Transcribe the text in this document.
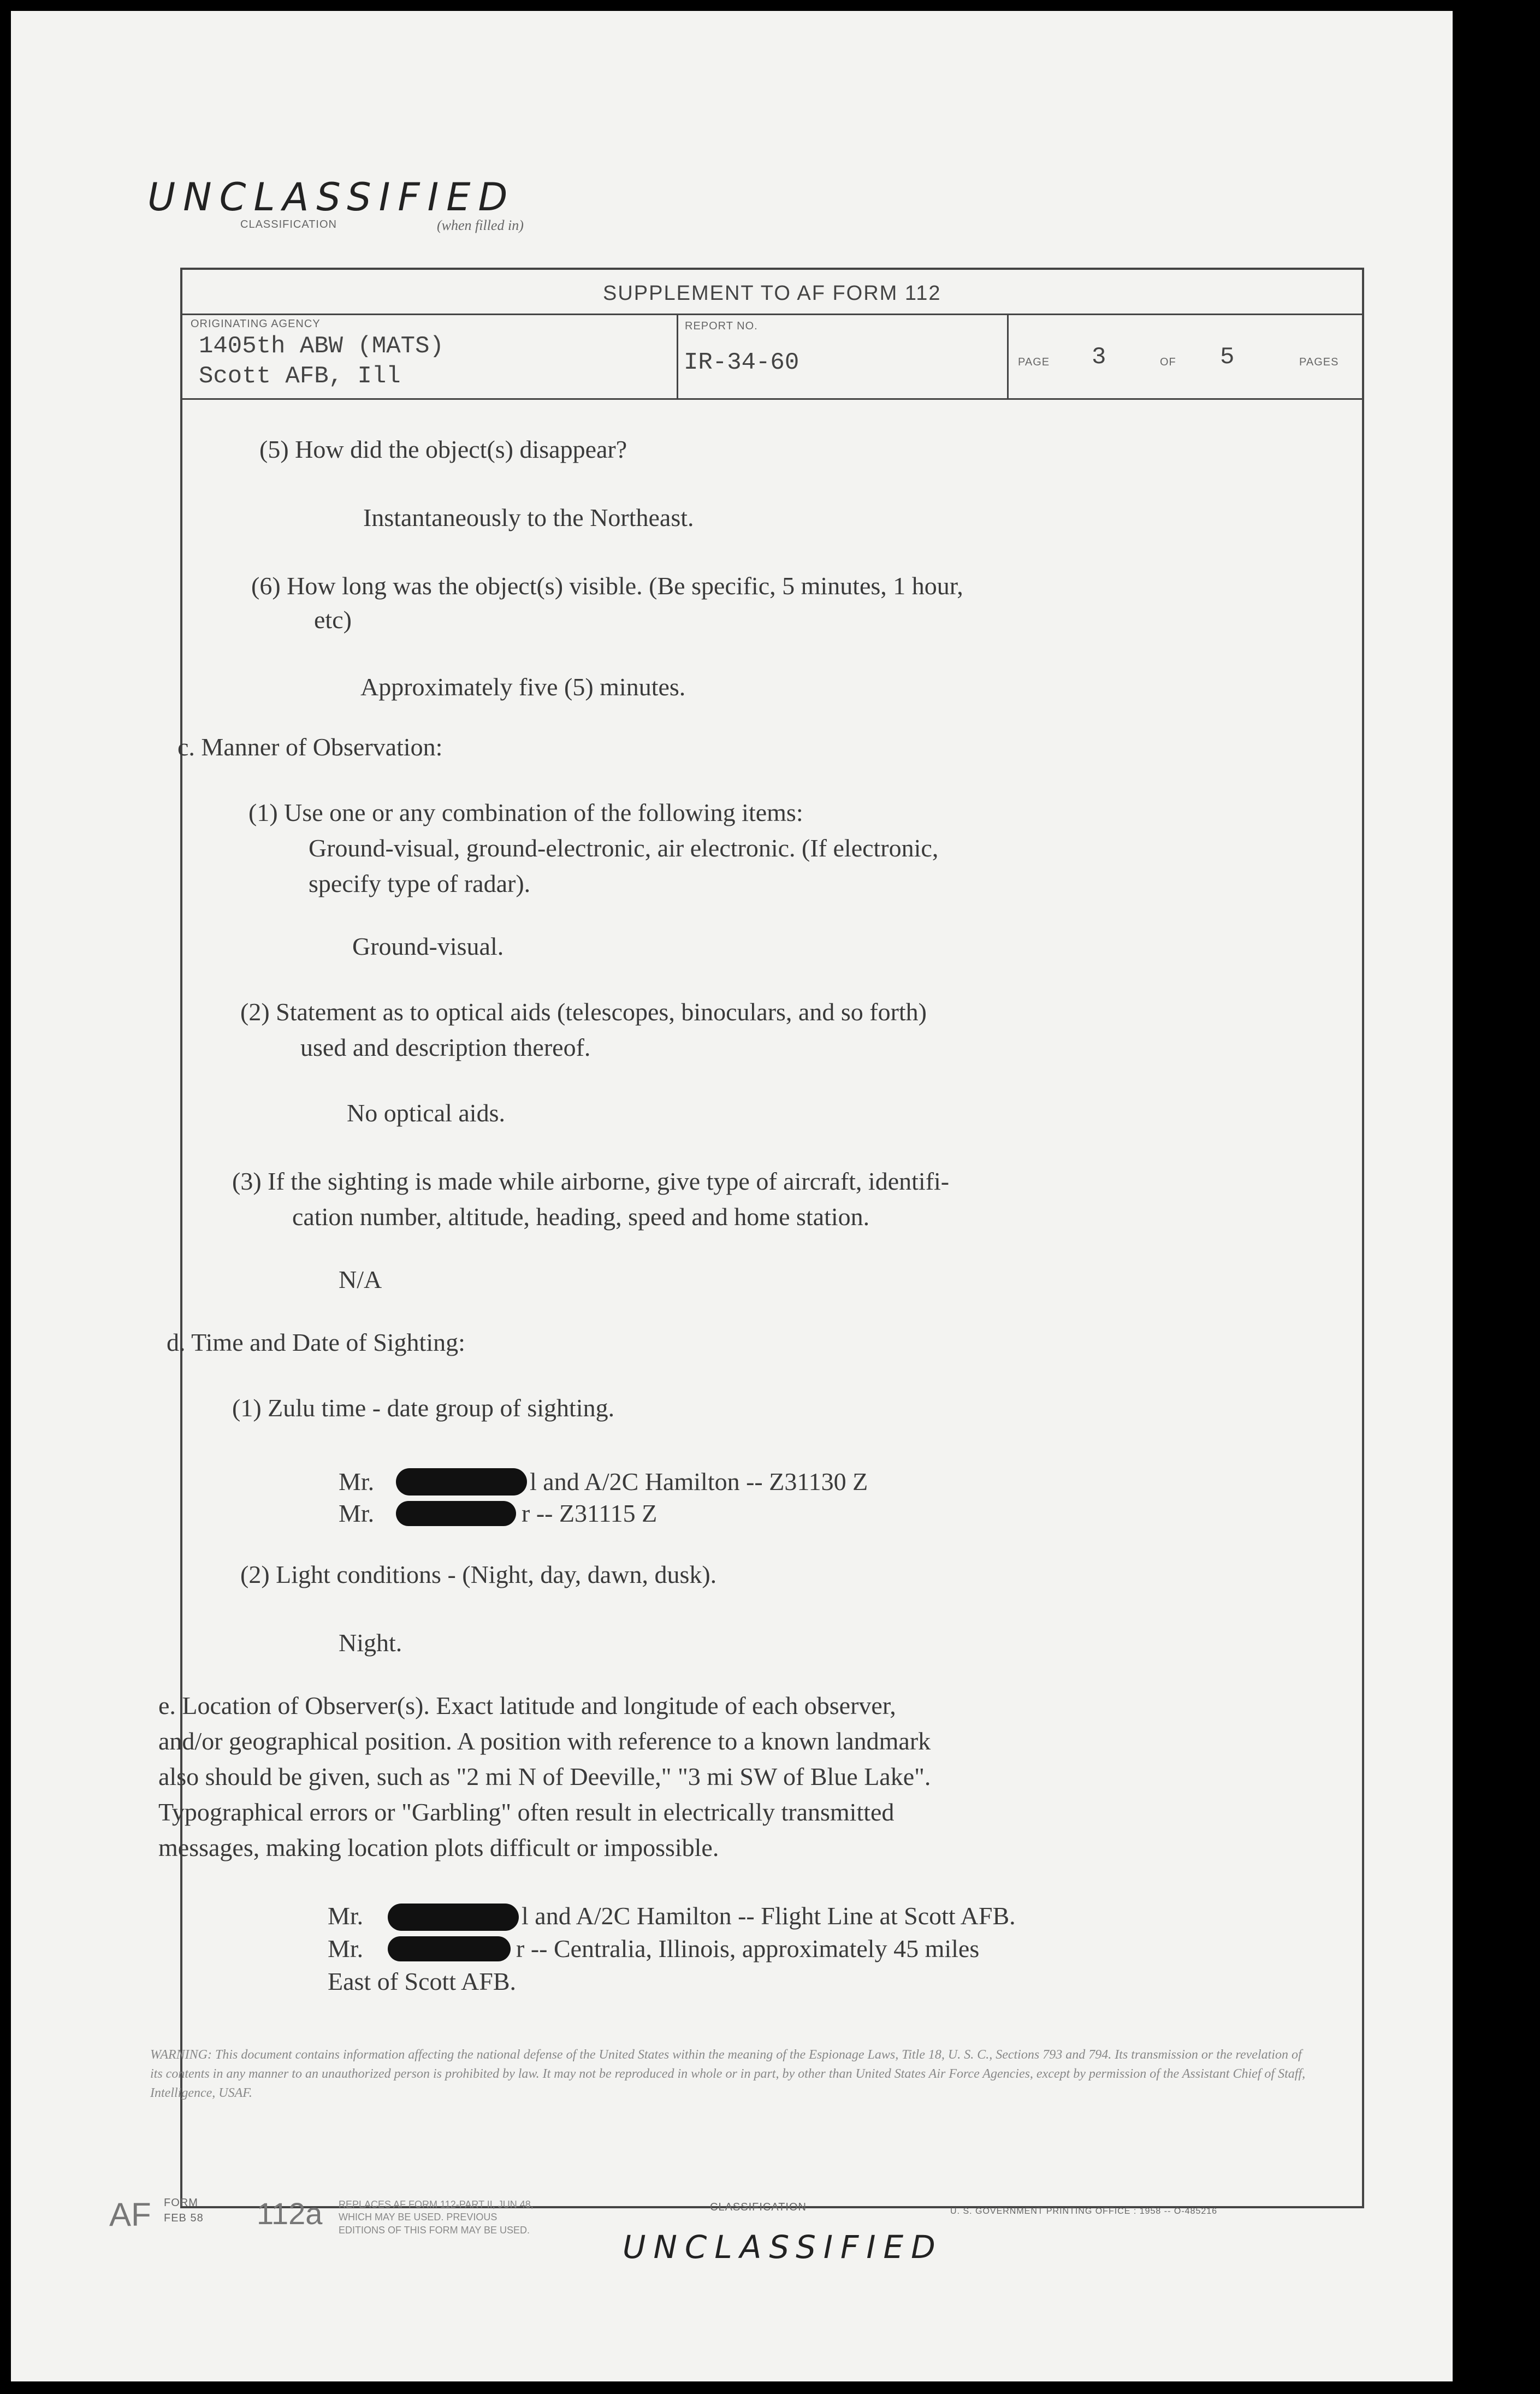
UNCLASSIFIED
CLASSIFICATION	(when filled in)
SUPPLEMENT TO AF FORM 112
ORIGINATING AGENCY
1405th ABW (MATS)
Scott AFB, Ill
REPORT NO.
IR-34-60	PAGE 3	OF 5	PAGES
(5) How did the object(s) disappear?
Instantaneously to the Northeast.
(6) How long was the object(s) visible. (Be specific, 5 minutes, 1 hour,
etc)
Approximately five (5) minutes.
c. Manner of Observation:
(1) Use one or any combination of the following items:
Ground-visual, ground-electronic, air electronic. (If electronic,
specify type of radar).
Ground-visual.
(2) Statement as to optical aids (telescopes, binoculars, and so forth)
used and description thereof.
No optical aids.
(3) If the sighting is made while airborne, give type of aircraft, identifi-
cation number, altitude, heading, speed and home station.
N/A
d. Time and Date of Sighting:
(1) Zulu time - date group of sighting.
Mr.	l and A/2C Hamilton -- Z31130 Z
Mr.	r -- Z31115 Z
(2) Light conditions - (Night, day, dawn, dusk).
Night.
e. Location of Observer(s). Exact latitude and longitude of each observer,
and/or geographical position. A position with reference to a known landmark
also should be given, such as "2 mi N of Deeville," "3 mi SW of Blue Lake".
Typographical errors or "Garbling" often result in electrically transmitted
messages, making location plots difficult or impossible.
Mr.	l and A/2C Hamilton -- Flight Line at Scott AFB.
Mr.	r -- Centralia, Illinois, approximately 45 miles
East of Scott AFB.
WARNING: This document contains information affecting the national defense of the United States within the meaning of the Espionage Laws, Title 18, U. S. C., Sections 793 and 794. Its transmission or the revelation of its contents in any manner to an unauthorized person is prohibited by law. It may not be reproduced in whole or in part, by other than United States Air Force Agencies, except by permission of the Assistant Chief of Staff, Intelligence, USAF.
AF FORM
FEB 58 112a REPLACES AF FORM 112-PART II, JUN 48, WHICH MAY BE USED. PREVIOUS EDITIONS OF THIS FORM MAY BE USED.
CLASSIFICATION	U. S. GOVERNMENT PRINTING OFFICE : 1958 -- O-485216
UNCLASSIFIED
